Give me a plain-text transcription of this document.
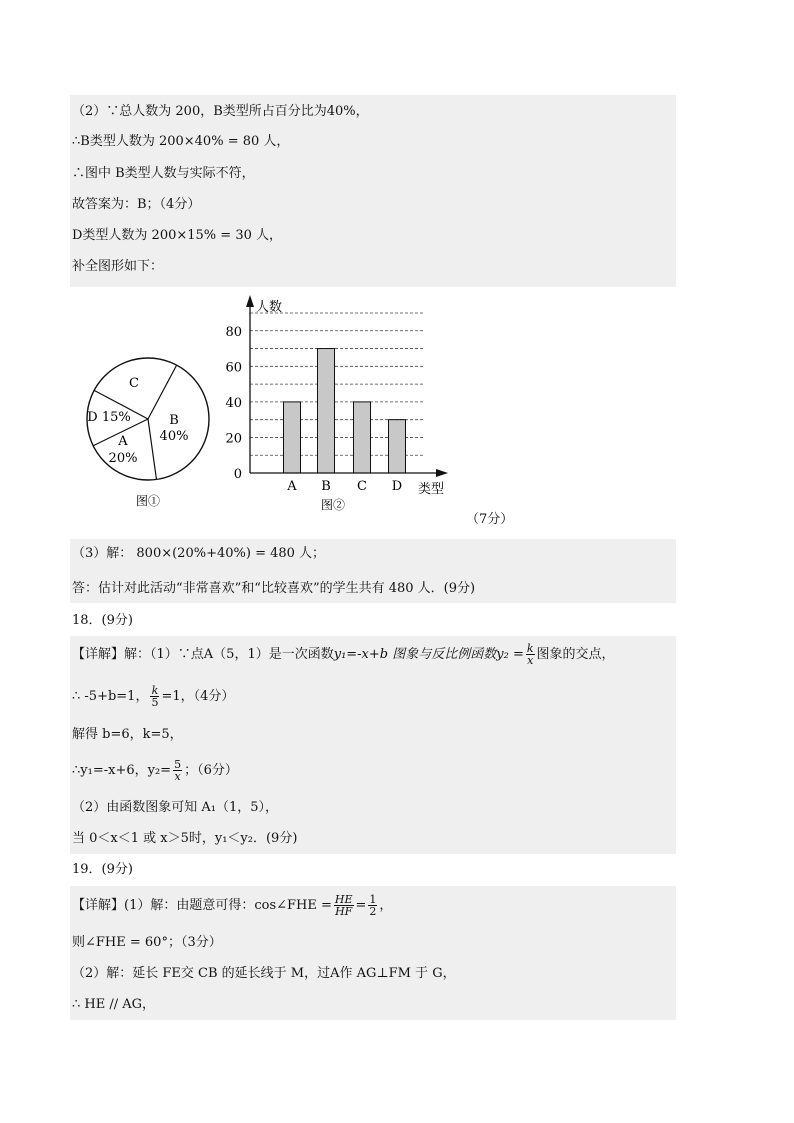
（2）∵总人数为 200，B类型所占百分比为40%，
∴B类型人数为 200×40% = 80 人，
∴图中 B类型人数与实际不符，
故答案为：B；（4分）
D类型人数为 200×15% = 30 人，
补全图形如下：
C
B
40%
D 15%
A
20%
图①
A B C D
0
20
40
60
80
人数
类型
图②
（7分）
（3）解： 800×(20%+40%) = 480 人；
答：估计对此活动“非常喜欢”和“比较喜欢”的学生共有 480 人．(9分)
18．(9分)
【详解】解：（1）∵点A（5，1）是一次函数y₁=-x+b 图象与反比例函数$y_2 = \frac{k}{x}$ 图象的交点，
∴ -5+b=1， $\frac{k}{5} =1$，（4分）
解得 b=6，k=5，
∴y₁=-x+6，$y_2= \frac{5}{x}$ ；（6分）
（2）由函数图象可知 A₁（1，5），
当 0＜x＜1 或 x＞5时，y₁＜y₂．(9分)
19．(9分)
【详解】(1）解：由题意可得：cos∠FHE = $\frac{HE}{HF} = \frac{1}{2}$ ，
则∠FHE = 60°；（3分）
（2）解：延长 FE交 CB 的延长线于 M，过A作 AG⊥FM 于 G，
∴ HE // AG，
